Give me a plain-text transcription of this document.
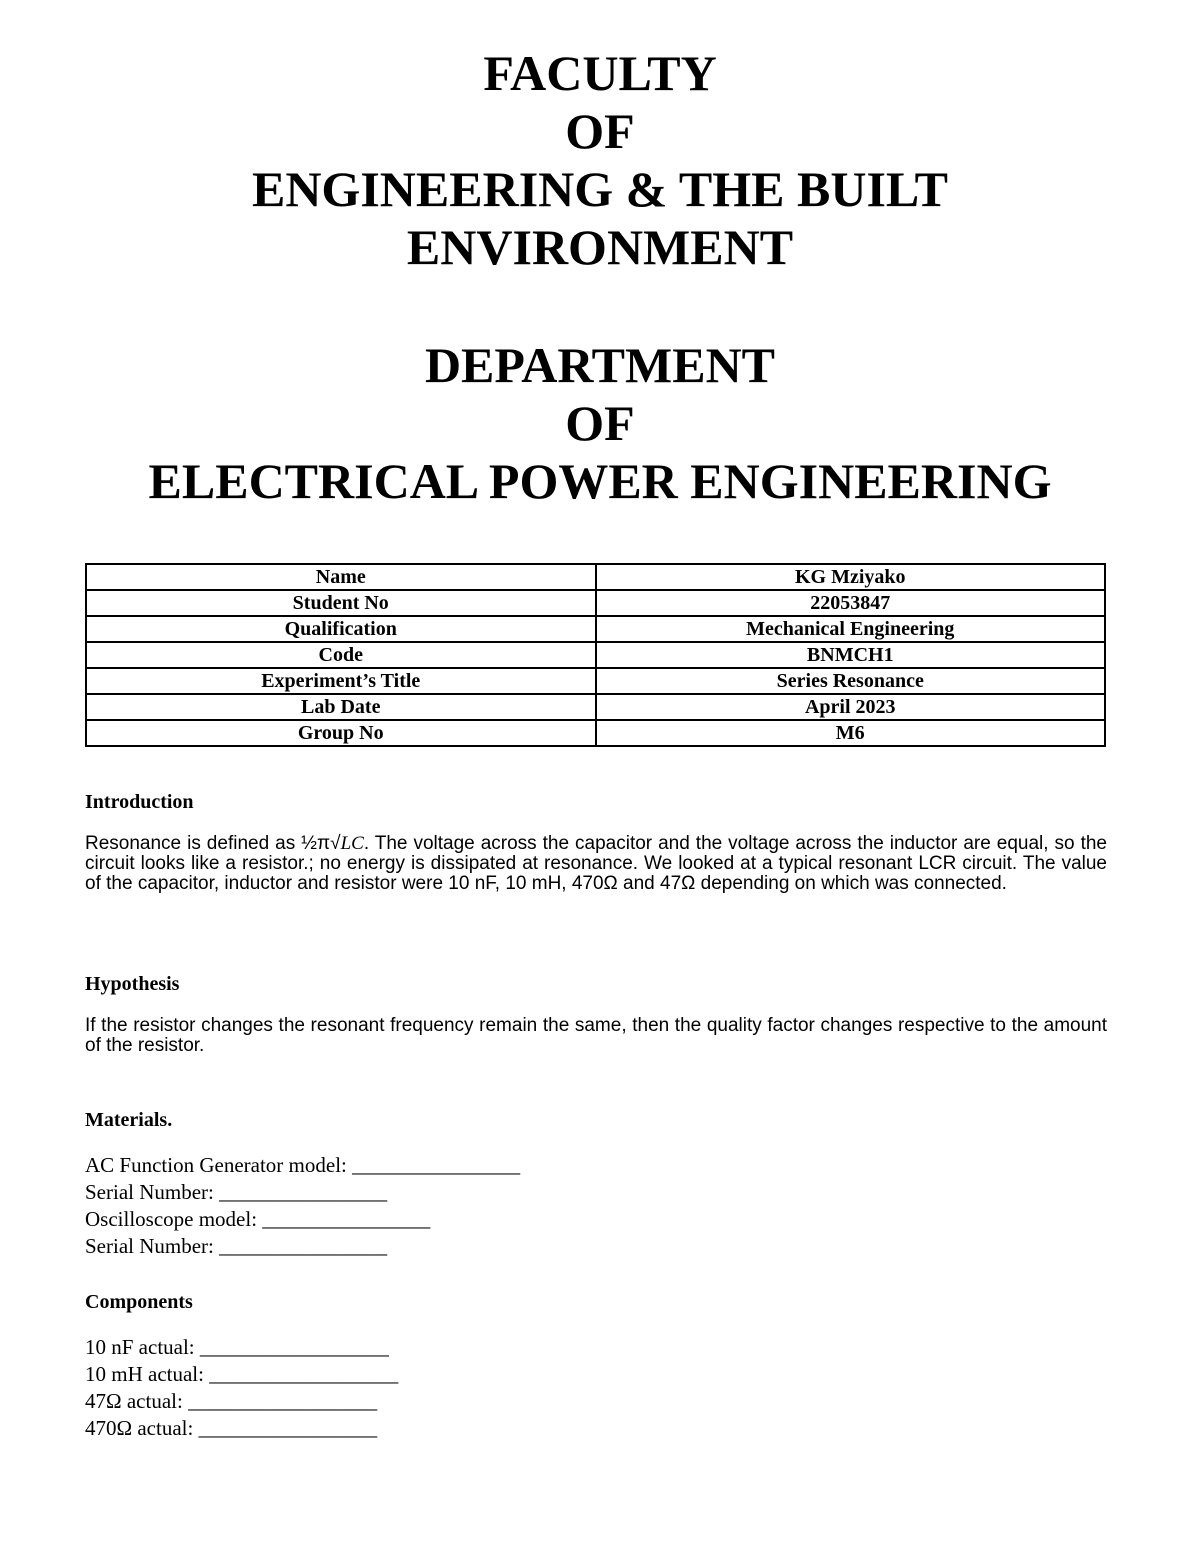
FACULTY
OF
ENGINEERING & THE BUILT
ENVIRONMENT
DEPARTMENT
OF
ELECTRICAL POWER ENGINEERING
Name	KG Mziyako
Student No	22053847
Qualification	Mechanical Engineering
Code	BNMCH1
Experiment’s Title	Series Resonance
Lab Date	April 2023
Group No	M6
Introduction
Resonance is defined as ½π√LC. The voltage across the capacitor and the voltage across the inductor are equal, so the circuit looks like a resistor.; no energy is dissipated at resonance. We looked at a typical resonant LCR circuit. The value of the capacitor, inductor and resistor were 10 nF, 10 mH, 470Ω and 47Ω depending on which was connected.
Hypothesis
If the resistor changes the resonant frequency remain the same, then the quality factor changes respective to the amount of the resistor.
Materials.
AC Function Generator model: ________________
Serial Number: ________________
Oscilloscope model: ________________
Serial Number: ________________
Components
10 nF actual: __________________
10 mH actual: __________________
47Ω actual: __________________
470Ω actual: _________________
